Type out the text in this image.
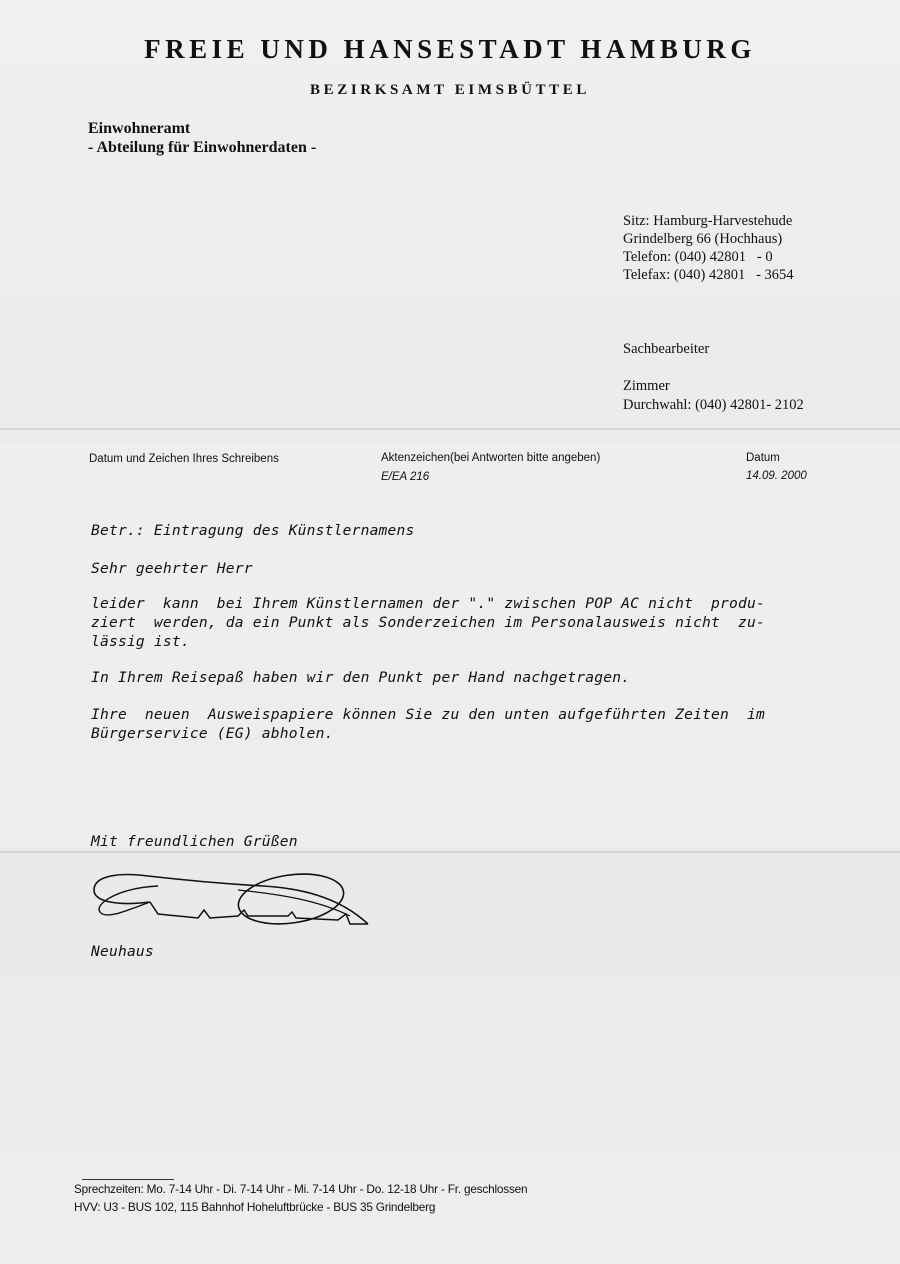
FREIE UND HANSESTADT HAMBURG
BEZIRKSAMT EIMSBÜTTEL
Einwohneramt
- Abteilung für Einwohnerdaten -
Sitz: Hamburg-Harvestehude
Grindelberg 66 (Hochhaus)
Telefon: (040) 42801   - 0
Telefax: (040) 42801   - 3654
Sachbearbeiter
Zimmer
Durchwahl: (040) 42801- 2102
Datum und Zeichen Ihres Schreibens	Aktenzeichen(bei Antworten bitte angeben)
E/EA 216
Datum
14.09. 2000
Betr.: Eintragung des Künstlernamens
Sehr geehrter Herr
leider  kann  bei Ihrem Künstlernamen der "." zwischen POP AC nicht  produ-
ziert  werden, da ein Punkt als Sonderzeichen im Personalausweis nicht  zu-
lässig ist.
In Ihrem Reisepaß haben wir den Punkt per Hand nachgetragen.
Ihre  neuen  Ausweispapiere können Sie zu den unten aufgeführten Zeiten  im
Bürgerservice (EG) abholen.
Mit freundlichen Grüßen
Neuhaus
Sprechzeiten: Mo. 7-14 Uhr - Di. 7-14 Uhr - Mi. 7-14 Uhr - Do. 12-18 Uhr - Fr. geschlossen
HVV: U3 - BUS 102, 115 Bahnhof Hoheluftbrücke - BUS 35 Grindelberg
